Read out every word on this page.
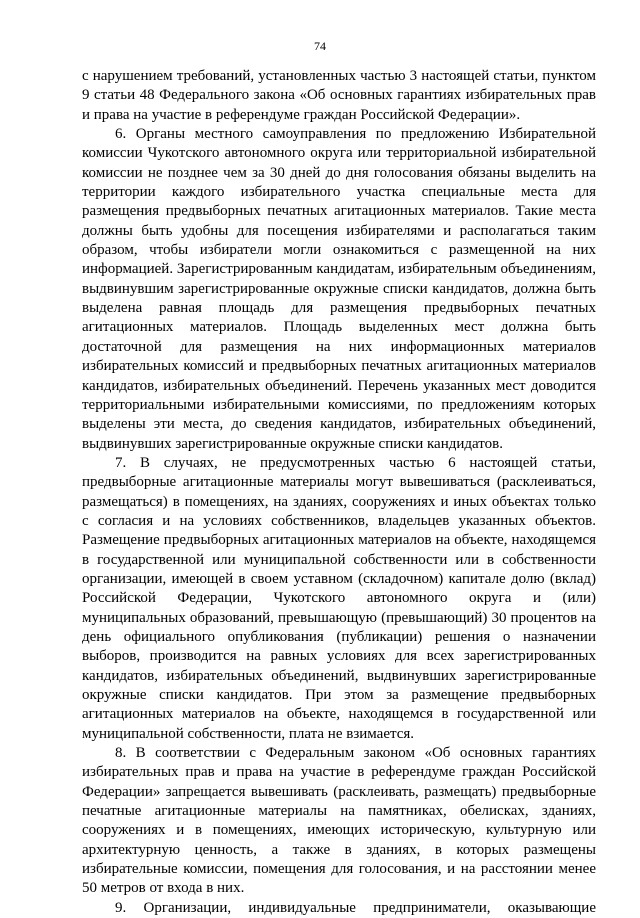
74

с нарушением требований, установленных частью 3 настоящей статьи, пунктом 9 статьи 48 Федерального закона «Об основных гарантиях избирательных прав и права на участие в референдуме граждан Российской Федерации».

6. Органы местного самоуправления по предложению Избирательной комиссии Чукотского автономного округа или территориальной избирательной комиссии не позднее чем за 30 дней до дня голосования обязаны выделить на территории каждого избирательного участка специальные места для размещения предвыборных печатных агитационных материалов. Такие места должны быть удобны для посещения избирателями и располагаться таким образом, чтобы избиратели могли ознакомиться с размещенной на них информацией. Зарегистрированным кандидатам, избирательным объединениям, выдвинувшим зарегистрированные окружные списки кандидатов, должна быть выделена равная площадь для размещения предвыборных печатных агитационных материалов. Площадь выделенных мест должна быть достаточной для размещения на них информационных материалов избирательных комиссий и предвыборных печатных агитационных материалов кандидатов, избирательных объединений. Перечень указанных мест доводится территориальными избирательными комиссиями, по предложениям которых выделены эти места, до сведения кандидатов, избирательных объединений, выдвинувших зарегистрированные окружные списки кандидатов.

7. В случаях, не предусмотренных частью 6 настоящей статьи, предвыборные агитационные материалы могут вывешиваться (расклеиваться, размещаться) в помещениях, на зданиях, сооружениях и иных объектах только с согласия и на условиях собственников, владельцев указанных объектов. Размещение предвыборных агитационных материалов на объекте, находящемся в государственной или муниципальной собственности или в собственности организации, имеющей в своем уставном (складочном) капитале долю (вклад) Российской Федерации, Чукотского автономного округа и (или) муниципальных образований, превышающую (превышающий) 30 процентов на день официального опубликования (публикации) решения о назначении выборов, производится на равных условиях для всех зарегистрированных кандидатов, избирательных объединений, выдвинувших зарегистрированные окружные списки кандидатов. При этом за размещение предвыборных агитационных материалов на объекте, находящемся в государственной или муниципальной собственности, плата не взимается.

8. В соответствии с Федеральным законом «Об основных гарантиях избирательных прав и права на участие в референдуме граждан Российской Федерации» запрещается вывешивать (расклеивать, размещать) предвыборные печатные агитационные материалы на памятниках, обелисках, зданиях, сооружениях и в помещениях, имеющих историческую, культурную или архитектурную ценность, а также в зданиях, в которых размещены избирательные комиссии, помещения для голосования, и на расстоянии менее 50 метров от входа в них.

9. Организации, индивидуальные предприниматели, оказывающие
